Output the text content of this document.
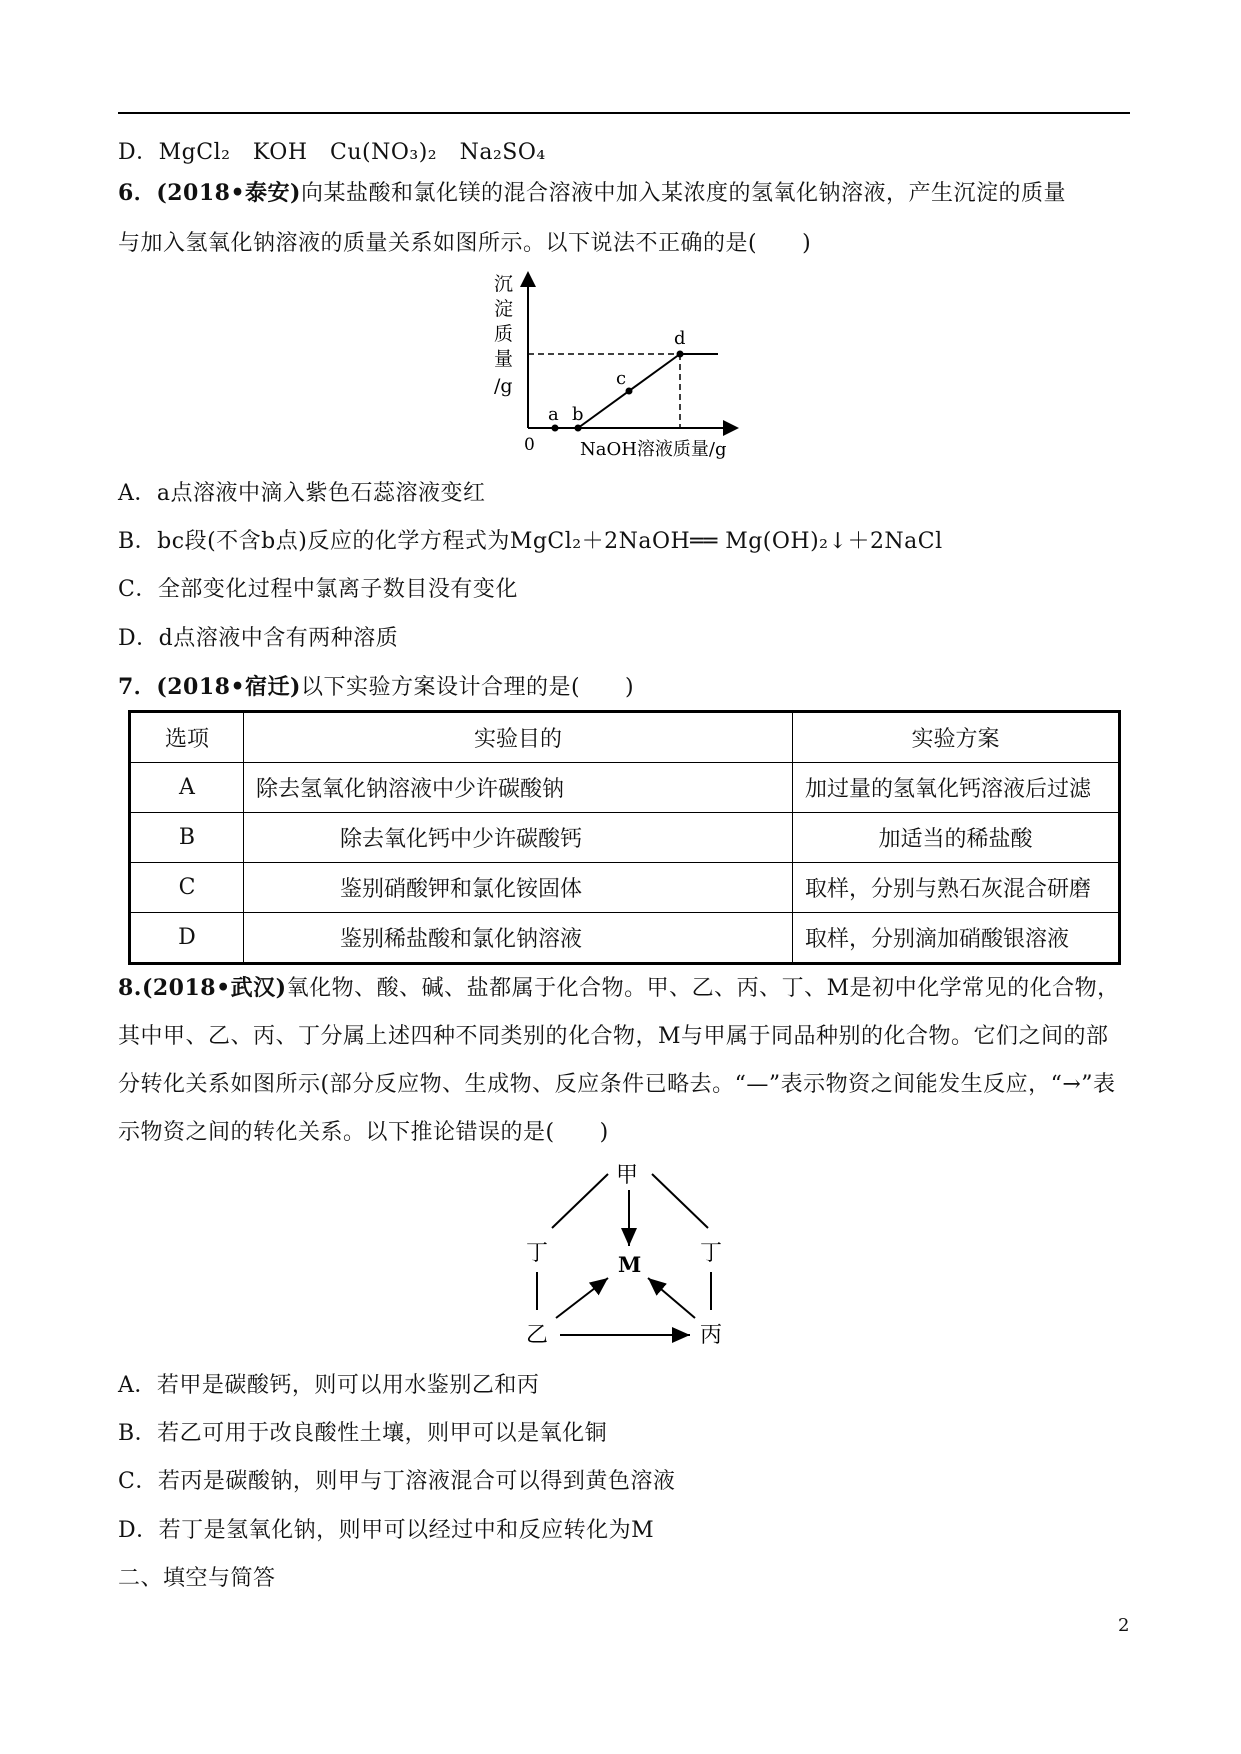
D．MgCl₂　KOH　Cu(NO₃)₂　Na₂SO₄
6．(2018•泰安)向某盐酸和氯化镁的混合溶液中加入某浓度的氢氧化钠溶液，产生沉淀的质量
与加入氢氧化钠溶液的质量关系如图所示。以下说法不正确的是(　　)
沉
淀
质
量
/g
0	NaOH溶液质量/g
a b
c
d
A．a点溶液中滴入紫色石蕊溶液变红
B．bc段(不含b点)反应的化学方程式为MgCl₂＋2NaOH══ Mg(OH)₂↓＋2NaCl
C．全部变化过程中氯离子数目没有变化
D．d点溶液中含有两种溶质
7．(2018•宿迁)以下实验方案设计合理的是(　　)
选项	实验目的	实验方案
A	除去氢氧化钠溶液中少许碳酸钠	加过量的氢氧化钙溶液后过滤
B	除去氧化钙中少许碳酸钙	加适当的稀盐酸
C	鉴别硝酸钾和氯化铵固体	取样，分别与熟石灰混合研磨
D	鉴别稀盐酸和氯化钠溶液	取样，分别滴加硝酸银溶液
8.(2018•武汉)氧化物、酸、碱、盐都属于化合物。甲、乙、丙、丁、M是初中化学常见的化合物，其中甲、乙、丙、丁分属上述四种不同类别的化合物，M与甲属于同品种别的化合物。它们之间的部分转化关系如图所示(部分反应物、生成物、反应条件已略去。“—”表示物资之间能发生反应，“→”表示物资之间的转化关系。以下推论错误的是(　　)
甲
丁	M	丁
乙	丙
A．若甲是碳酸钙，则可以用水鉴别乙和丙
B．若乙可用于改良酸性土壤，则甲可以是氧化铜
C．若丙是碳酸钠，则甲与丁溶液混合可以得到黄色溶液
D．若丁是氢氧化钠，则甲可以经过中和反应转化为M
二、填空与简答
2
